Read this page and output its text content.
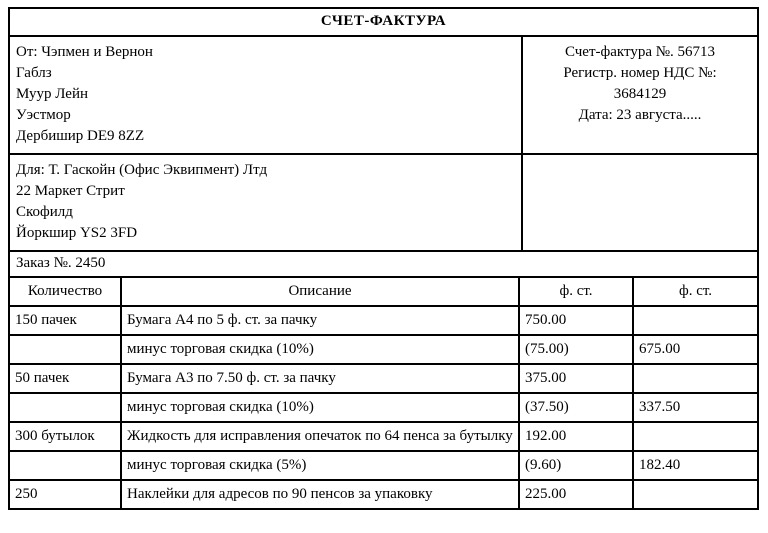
СЧЕТ-ФАКТУРА
От: Чэпмен и Вернон
Габлз
Муур Лейн
Уэстмор
Дербишир DE9 8ZZ
Счет-фактура №. 56713
Регистр. номер НДС №:
3684129
Дата: 23 августа.....
Для: Т. Гаскойн (Офис Эквипмент) Лтд
22 Маркет Стрит
Скофилд
Йоркшир YS2 3FD

Заказ №. 2450
Количество	Описание	ф. ст.	ф. ст.
150 пачек	Бумага А4 по 5 ф. ст. за пачку	750.00	
	минус торговая скидка (10%)	(75.00)	675.00
50 пачек	Бумага А3 по 7.50 ф. ст. за пачку	375.00	
	минус торговая скидка (10%)	(37.50)	337.50
300 бутылок	Жидкость для исправления опечаток по 64 пенса за бутылку	192.00	
	минус торговая скидка (5%)	(9.60)	182.40
250	Наклейки для адресов по 90 пенсов за упаковку	225.00	
